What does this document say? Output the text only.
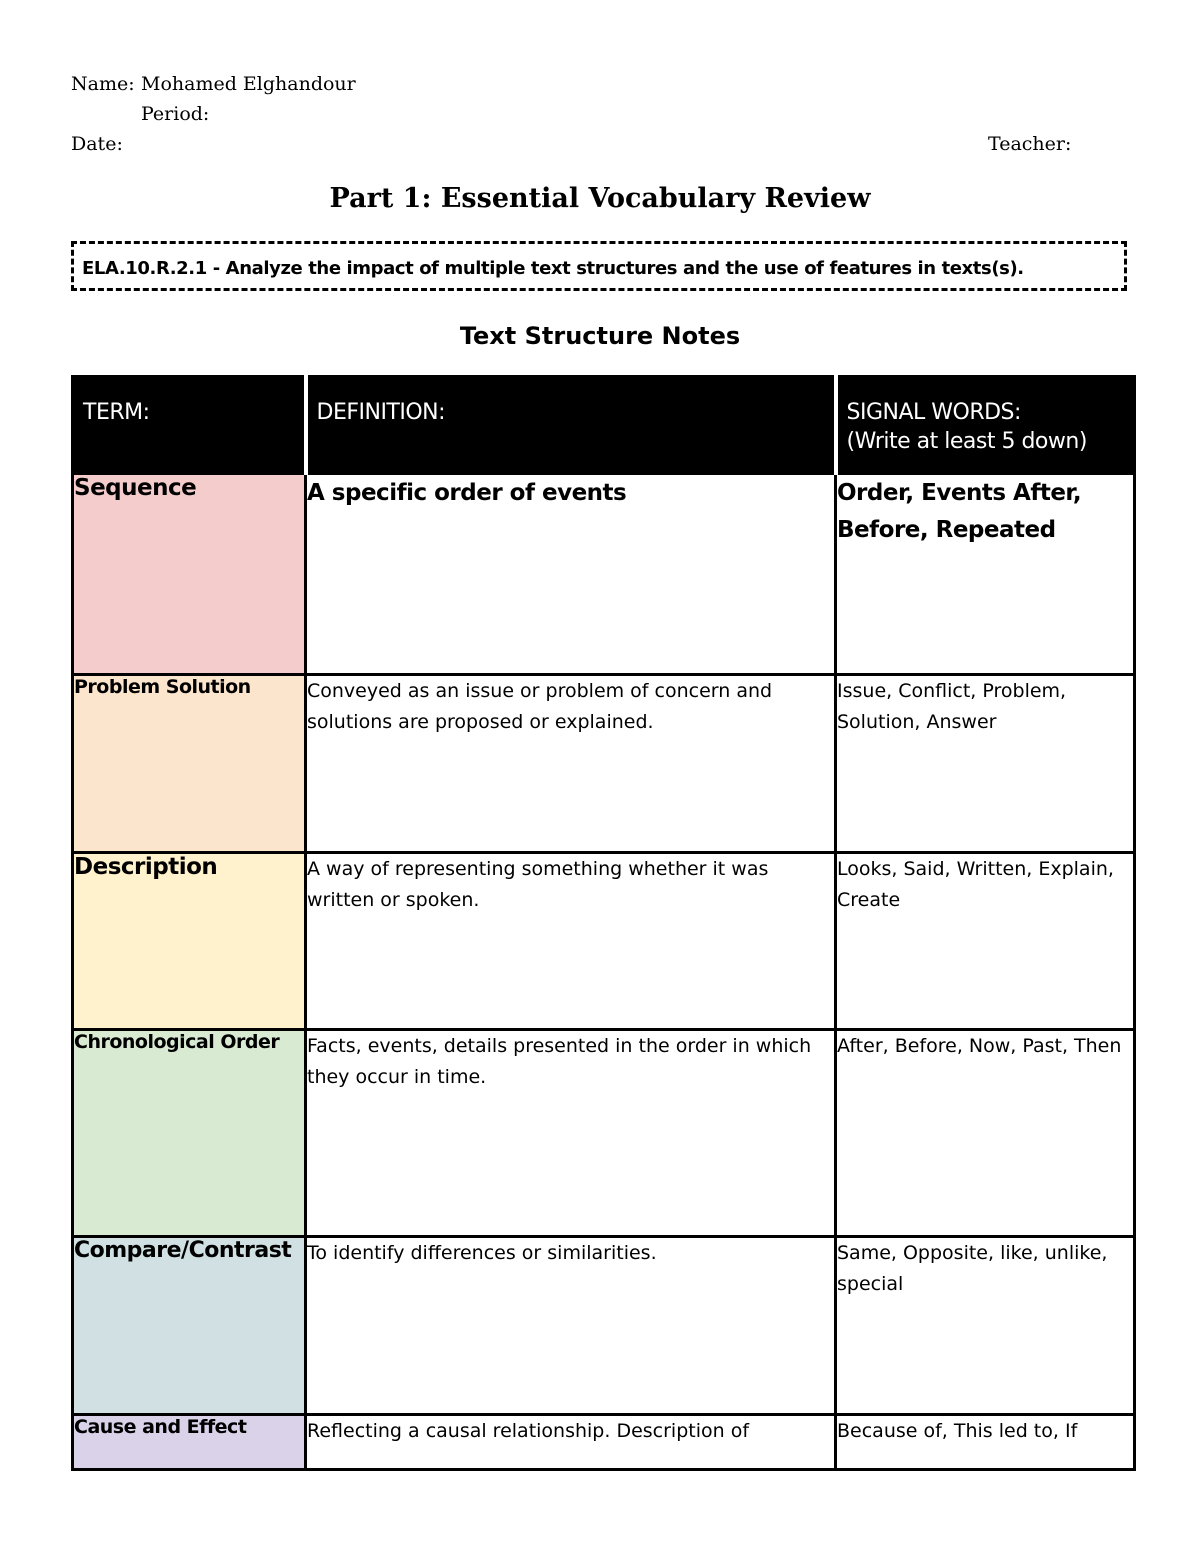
Name: Mohamed Elghandour
Period:
Date:	Teacher:
Part 1: Essential Vocabulary Review
ELA.10.R.2.1 - Analyze the impact of multiple text structures and the use of features in texts(s).
Text Structure Notes
TERM:	DEFINITION:	SIGNAL WORDS:
(Write at least 5 down)

Sequence	A specific order of events	Order, Events After, Before, Repeated
Problem Solution	Conveyed as an issue or problem of concern and solutions are proposed or explained.	Issue, Conflict, Problem, Solution, Answer
Description	A way of representing something whether it was written or spoken.	Looks, Said, Written, Explain, Create
Chronological Order	Facts, events, details presented in the order in which they occur in time.	After, Before, Now, Past, Then
Compare/Contrast	To identify differences or similarities.	Same, Opposite, like, unlike, special
Cause and Effect	Reflecting a causal relationship. Description of	Because of, This led to, If
